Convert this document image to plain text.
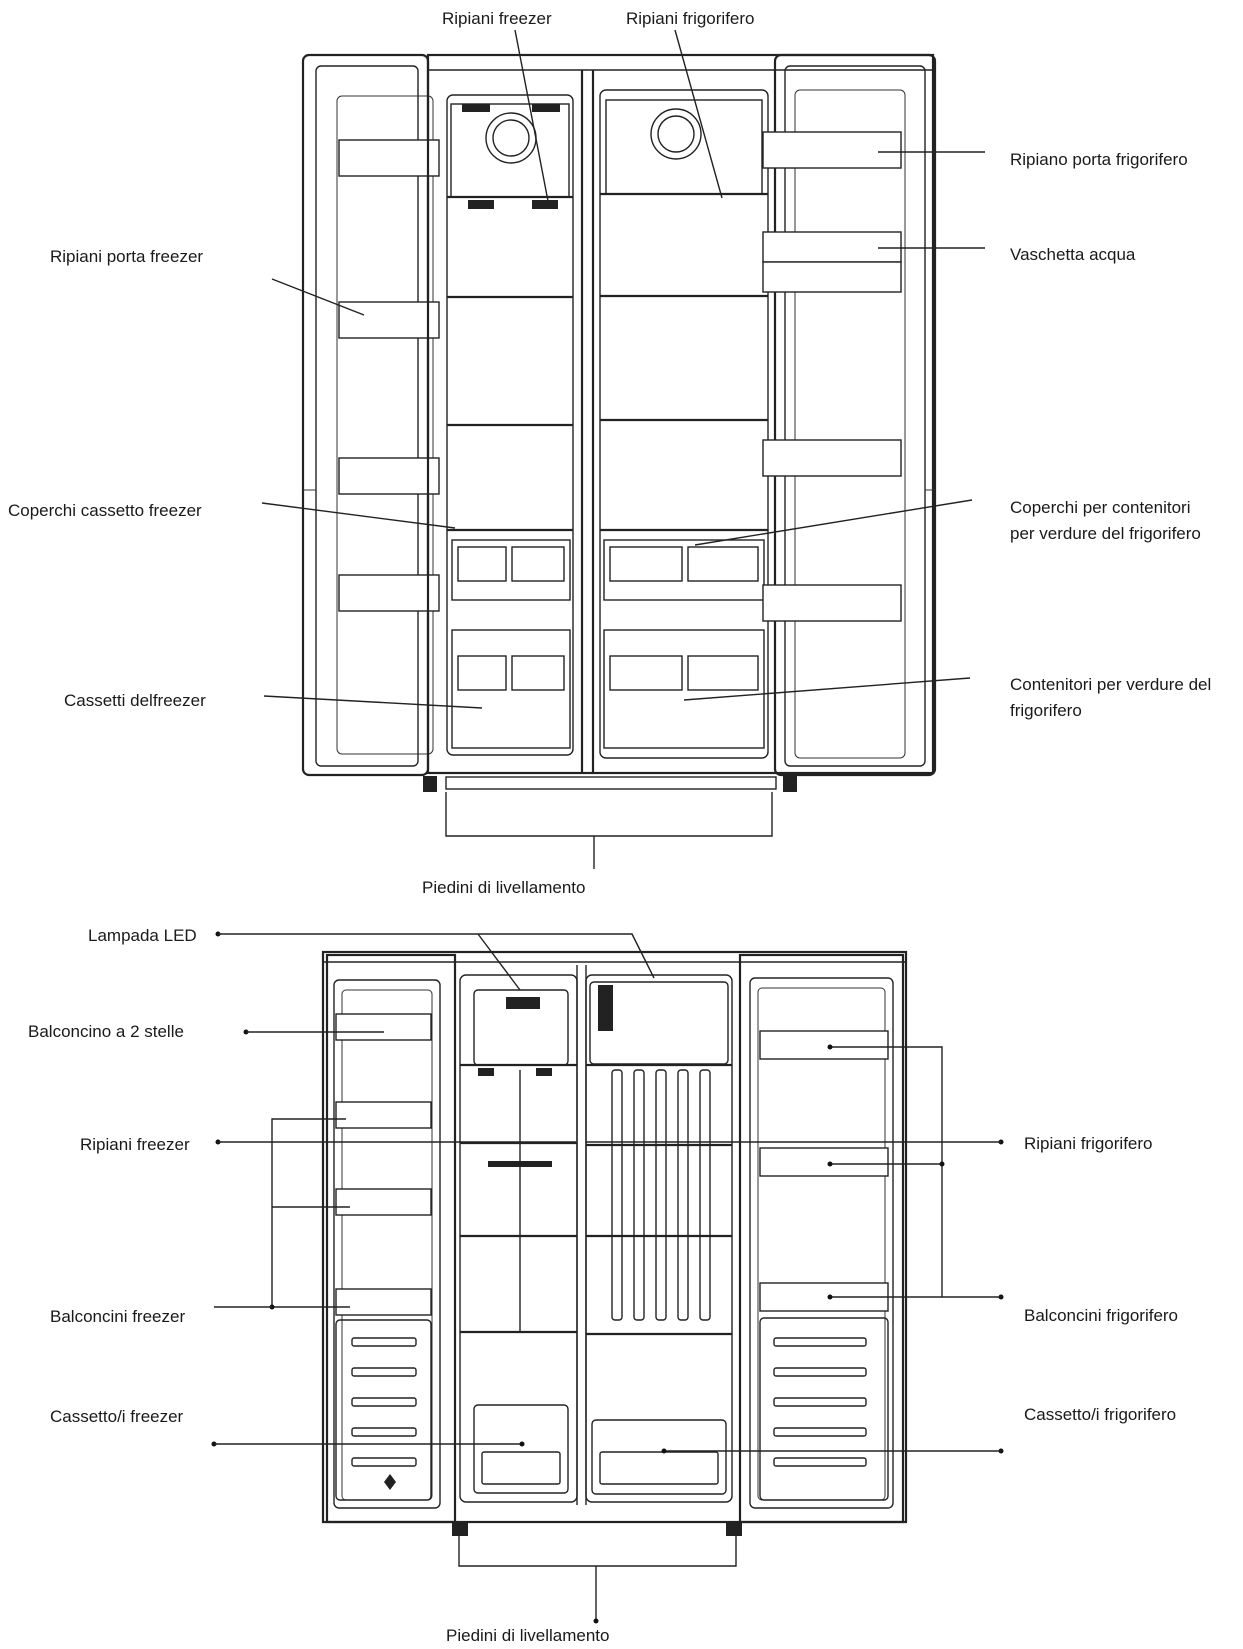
Ripiani freezer	Ripiani frigorifero
Ripiano porta frigorifero
Vaschetta acqua
Ripiani porta freezer
Coperchi cassetto freezer	Coperchi per contenitori
per verdure del frigorifero
Cassetti delfreezer
Contenitori per verdure del
frigorifero
Piedini di livellamento
Lampada LED
Balconcino a 2 stelle
Ripiani freezer	Ripiani frigorifero
Balconcini freezer	Balconcini frigorifero
Cassetto/i freezer	Cassetto/i frigorifero
Piedini di livellamento
